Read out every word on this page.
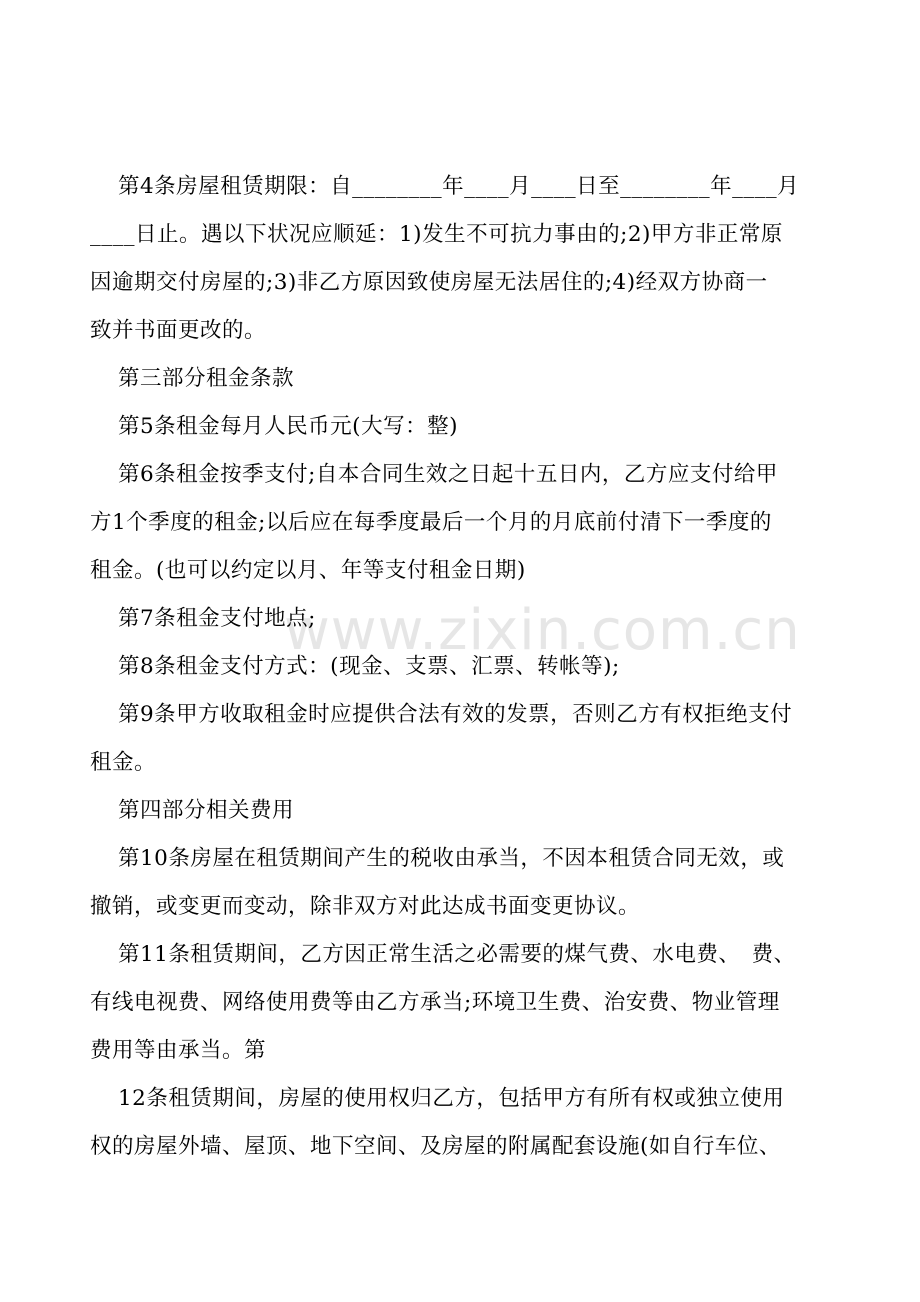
www.zixin.com.cn
第4条房屋租赁期限：自________年____月____日至________年____月
____日止。遇以下状况应顺延：1)发生不可抗力事由的;2)甲方非正常原
因逾期交付房屋的;3)非乙方原因致使房屋无法居住的;4)经双方协商一
致并书面更改的。
第三部分租金条款
第5条租金每月人民币元(大写：整)
第6条租金按季支付;自本合同生效之日起十五日内，乙方应支付给甲
方1个季度的租金;以后应在每季度最后一个月的月底前付清下一季度的
租金。(也可以约定以月、年等支付租金日期)
第7条租金支付地点;
第8条租金支付方式：(现金、支票、汇票、转帐等);
第9条甲方收取租金时应提供合法有效的发票，否则乙方有权拒绝支付
租金。
第四部分相关费用
第10条房屋在租赁期间产生的税收由承当，不因本租赁合同无效，或
撤销，或变更而变动，除非双方对此达成书面变更协议。
第11条租赁期间，乙方因正常生活之必需要的煤气费、水电费、　费、
有线电视费、网络使用费等由乙方承当;环境卫生费、治安费、物业管理
费用等由承当。第
12条租赁期间，房屋的使用权归乙方，包括甲方有所有权或独立使用
权的房屋外墙、屋顶、地下空间、及房屋的附属配套设施(如自行车位、
